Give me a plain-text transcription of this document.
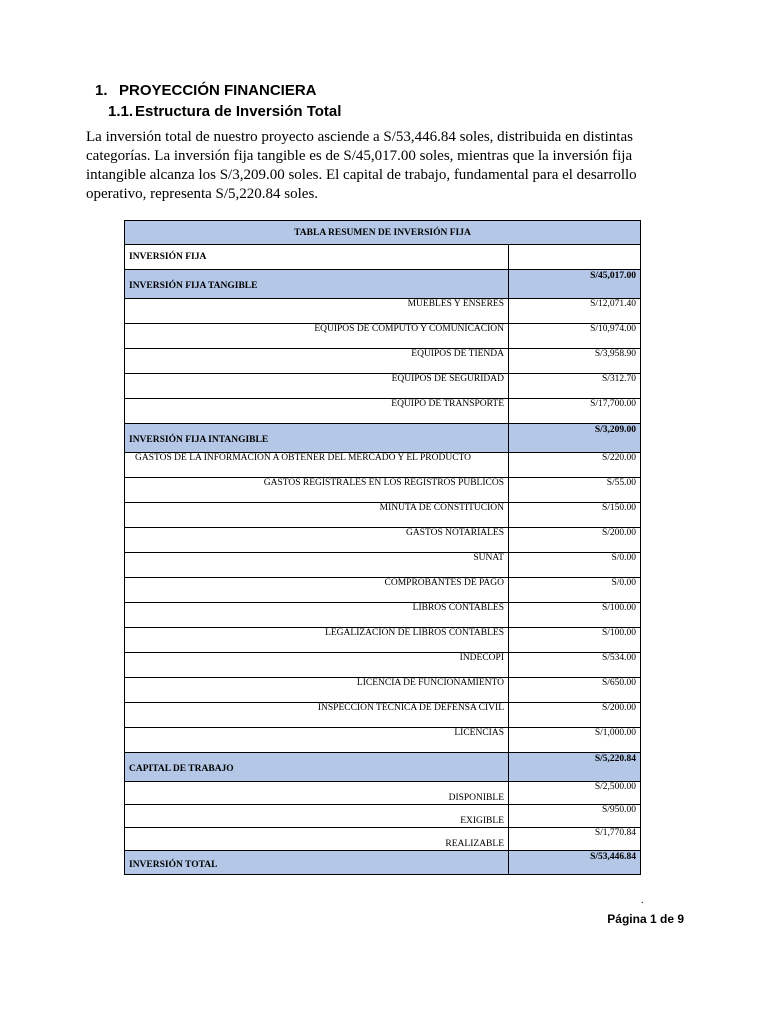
1. PROYECCIÓN FINANCIERA
1.1. Estructura de Inversión Total

La inversión total de nuestro proyecto asciende a S/53,446.84 soles, distribuida en distintas categorías. La inversión fija tangible es de S/45,017.00 soles, mientras que la inversión fija intangible alcanza los S/3,209.00 soles. El capital de trabajo, fundamental para el desarrollo operativo, representa S/5,220.84 soles.

TABLA RESUMEN DE INVERSIÓN FIJA	
INVERSIÓN FIJA	
INVERSIÓN FIJA TANGIBLE	S/45,017.00
MUEBLES Y ENSERES	S/12,071.40
EQUIPOS DE COMPUTO Y COMUNICACION	S/10,974.00
EQUIPOS DE TIENDA	S/3,958.90
EQUIPOS DE SEGURIDAD	S/312.70
EQUIPO DE TRANSPORTE	S/17,700.00
INVERSIÓN FIJA INTANGIBLE	S/3,209.00
GASTOS DE LA INFORMACIÓN A OBTENER DEL MERCADO Y EL PRODUCTO	S/220.00
GASTOS REGISTRALES EN LOS REGISTROS PÚBLICOS	S/55.00
MINUTA DE CONSTITUCION	S/150.00
GASTOS NOTARIALES	S/200.00
SUNAT	S/0.00
COMPROBANTES DE PAGO	S/0.00
LIBROS CONTABLES	S/100.00
LEGALIZACIÓN DE LIBROS CONTABLES	S/100.00
INDECOPI	S/534.00
LICENCIA DE FUNCIONAMIENTO	S/650.00
INSPECCION TÉCNICA DE DEFENSA CIVIL	S/200.00
LICENCIAS	S/1,000.00
CAPITAL DE TRABAJO	S/5,220.84
DISPONIBLE	S/2,500.00
EXIGIBLE	S/950.00
REALIZABLE	S/1,770.84
INVERSIÓN TOTAL	S/53,446.84
.
Página 1 de 9
